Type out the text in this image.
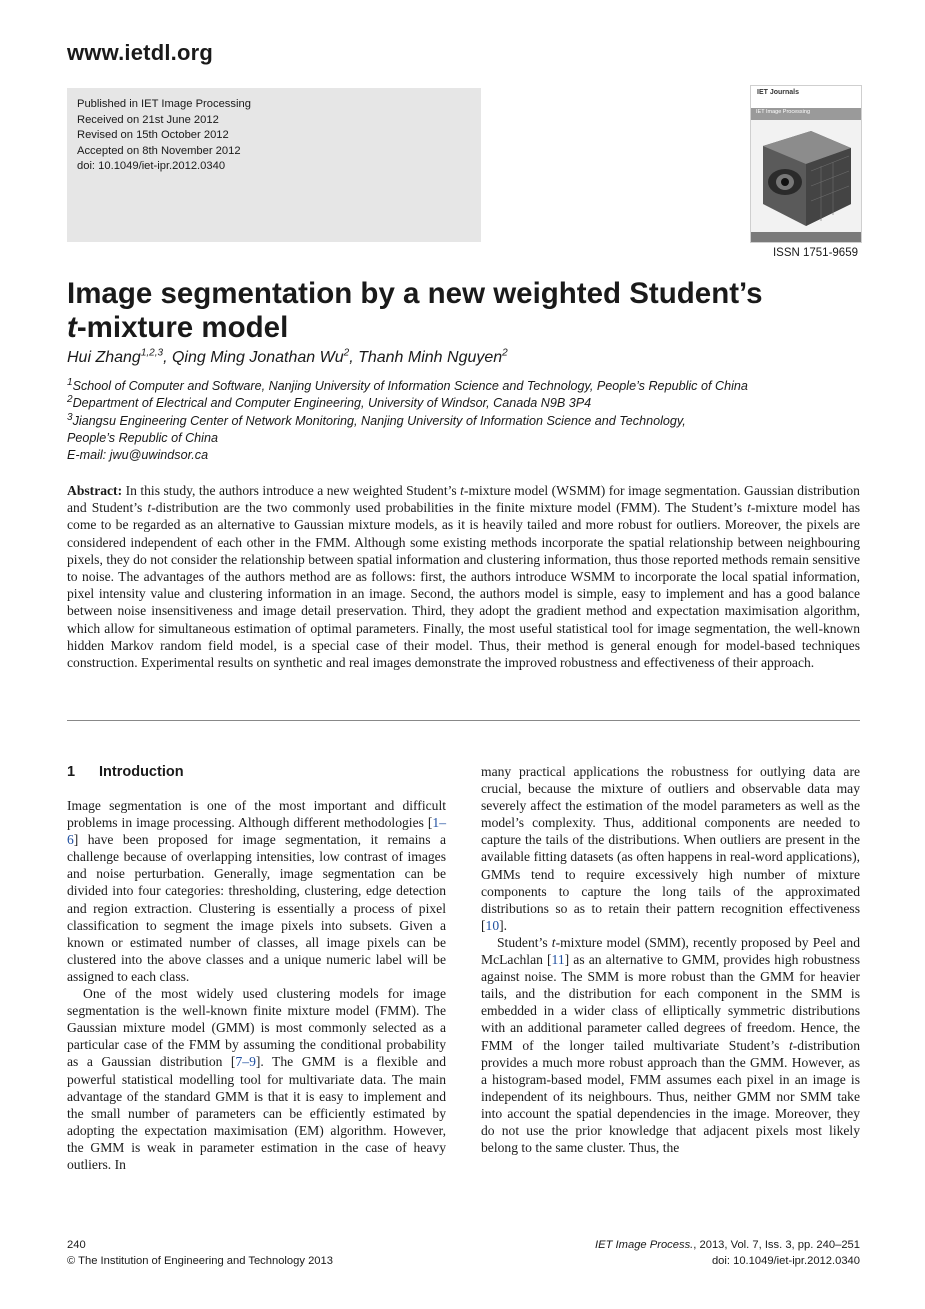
www.ietdl.org
Published in IET Image Processing
Received on 21st June 2012
Revised on 15th October 2012
Accepted on 8th November 2012
doi: 10.1049/iet-ipr.2012.0340
IET Journals
IET Image Processing
ISSN 1751-9659
Image segmentation by a new weighted Student’s
t-mixture model
Hui Zhang$^{1,2,3}$, Qing Ming Jonathan Wu$^2$, Thanh Minh Nguyen$^2$
$^1$School of Computer and Software, Nanjing University of Information Science and Technology, People’s Republic of China
$^2$Department of Electrical and Computer Engineering, University of Windsor, Canada N9B 3P4
$^3$Jiangsu Engineering Center of Network Monitoring, Nanjing University of Information Science and Technology,
People’s Republic of China
E-mail: jwu@uwindsor.ca
Abstract: In this study, the authors introduce a new weighted Student’s t-mixture model (WSMM) for image segmentation. Gaussian distribution and Student’s t-distribution are the two commonly used probabilities in the finite mixture model (FMM). The Student’s t-mixture model has come to be regarded as an alternative to Gaussian mixture models, as it is heavily tailed and more robust for outliers. Moreover, the pixels are considered independent of each other in the FMM. Although some existing methods incorporate the spatial relationship between neighbouring pixels, they do not consider the relationship between spatial information and clustering information, thus those reported methods remain sensitive to noise. The advantages of the authors method are as follows: first, the authors introduce WSMM to incorporate the local spatial information, pixel intensity value and clustering information in an image. Second, the authors model is simple, easy to implement and has a good balance between noise insensitiveness and image detail preservation. Third, they adopt the gradient method and expectation maximisation algorithm, which allow for simultaneous estimation of optimal parameters. Finally, the most useful statistical tool for image segmentation, the well-known hidden Markov random field model, is a special case of their model. Thus, their method is general enough for model-based techniques construction. Experimental results on synthetic and real images demonstrate the improved robustness and effectiveness of their approach.
1 Introduction

Image segmentation is one of the most important and difficult problems in image processing. Although different methodologies [1–6] have been proposed for image segmentation, it remains a challenge because of overlapping intensities, low contrast of images and noise perturbation. Generally, image segmentation can be divided into four categories: thresholding, clustering, edge detection and region extraction. Clustering is essentially a process of pixel classification to segment the image pixels into subsets. Given a known or estimated number of classes, all image pixels can be clustered into the above classes and a unique numeric label will be assigned to each class.

One of the most widely used clustering models for image segmentation is the well-known finite mixture model (FMM). The Gaussian mixture model (GMM) is most commonly selected as a particular case of the FMM by assuming the conditional probability as a Gaussian distribution [7–9]. The GMM is a flexible and powerful statistical modelling tool for multivariate data. The main advantage of the standard GMM is that it is easy to implement and the small number of parameters can be efficiently estimated by adopting the expectation maximisation (EM) algorithm. However, the GMM is weak in parameter estimation in the case of heavy outliers. In

many practical applications the robustness for outlying data are crucial, because the mixture of outliers and observable data may severely affect the estimation of the model parameters as well as the model’s complexity. Thus, additional components are needed to capture the tails of the distributions. When outliers are present in the available fitting datasets (as often happens in real-word applications), GMMs tend to require excessively high number of mixture components to capture the long tails of the approximated distributions so as to retain their pattern recognition effectiveness [10].

Student’s t-mixture model (SMM), recently proposed by Peel and McLachlan [11] as an alternative to GMM, provides high robustness against noise. The SMM is more robust than the GMM for heavier tails, and the distribution for each component in the SMM is embedded in a wider class of elliptically symmetric distributions with an additional parameter called degrees of freedom. Hence, the FMM of the longer tailed multivariate Student’s t-distribution provides a much more robust approach than the GMM. However, as a histogram-based model, FMM assumes each pixel in an image is independent of its neighbours. Thus, neither GMM nor SMM take into account the spatial dependencies in the image. Moreover, they do not use the prior knowledge that adjacent pixels most likely belong to the same cluster. Thus, the

240
© The Institution of Engineering and Technology 2013
IET Image Process., 2013, Vol. 7, Iss. 3, pp. 240–251
doi: 10.1049/iet-ipr.2012.0340
